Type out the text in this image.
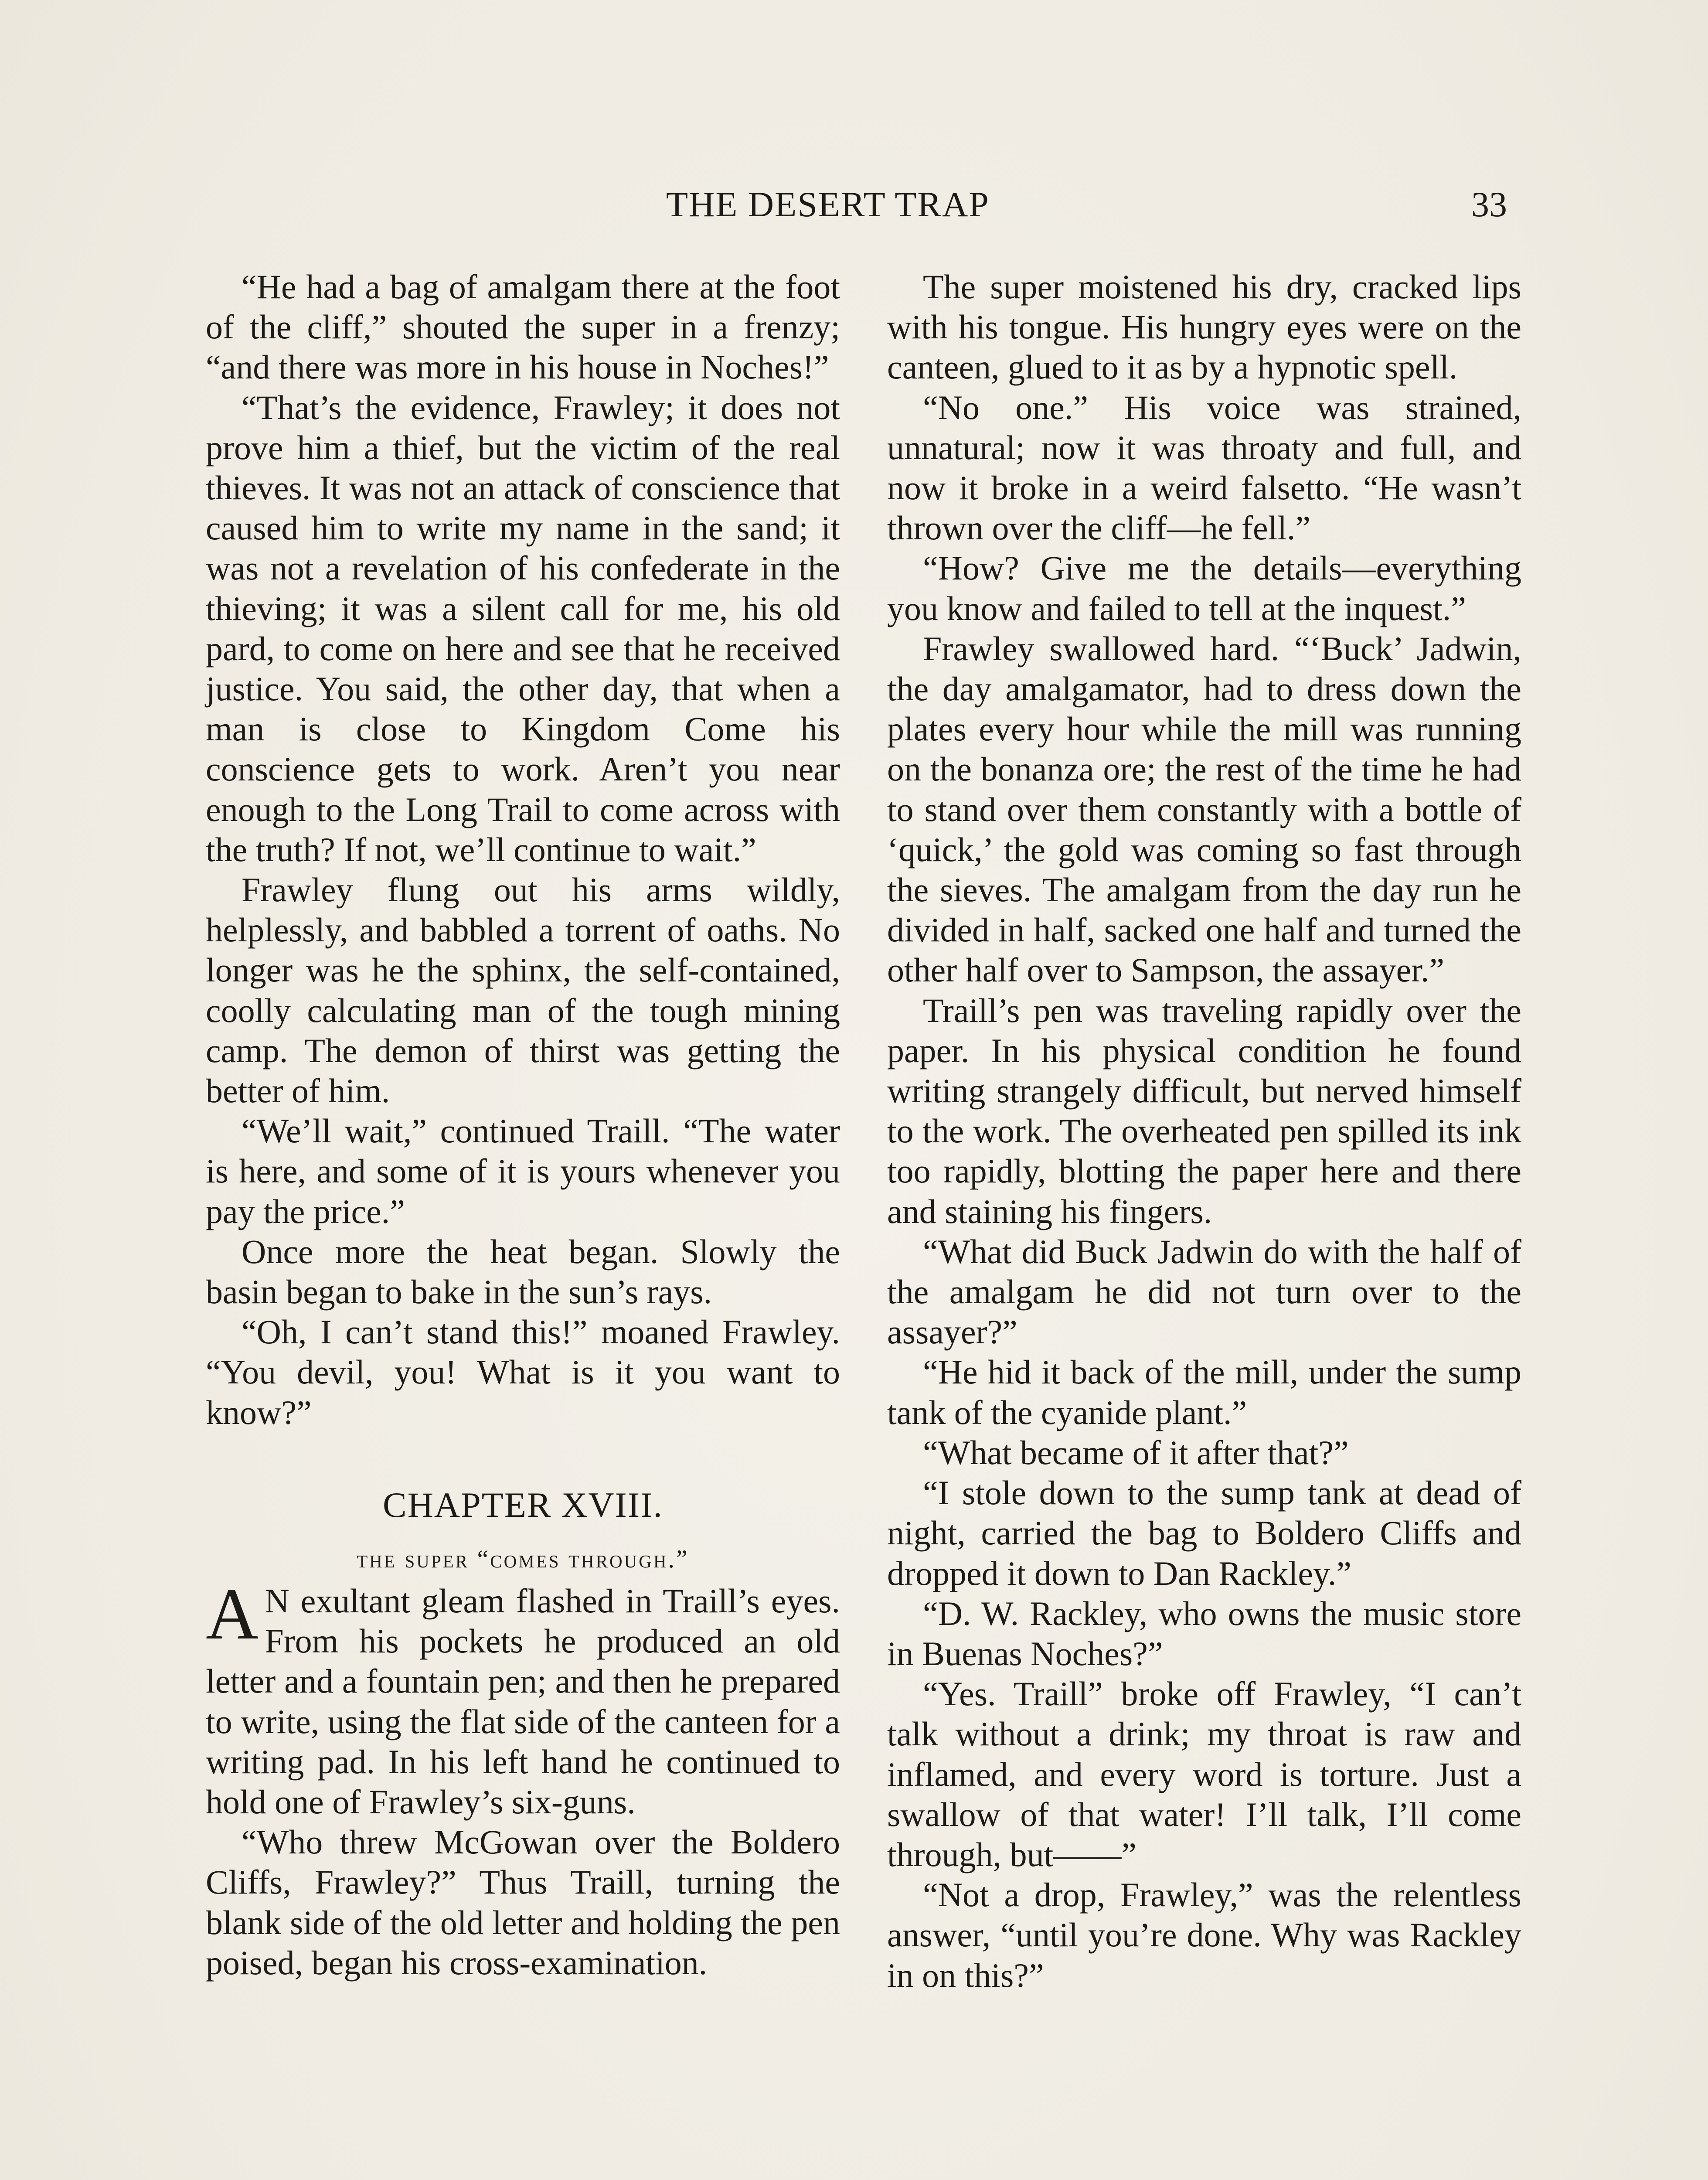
THE DESERT TRAP	33

“He had a bag of amalgam there at the foot of the cliff,” shouted the super in a frenzy; “and there was more in his house in Noches!”

“That’s the evidence, Frawley; it does not prove him a thief, but the victim of the real thieves. It was not an attack of conscience that caused him to write my name in the sand; it was not a revelation of his confederate in the thieving; it was a silent call for me, his old pard, to come on here and see that he received justice. You said, the other day, that when a man is close to Kingdom Come his conscience gets to work. Aren’t you near enough to the Long Trail to come across with the truth? If not, we’ll continue to wait.”

Frawley flung out his arms wildly, helplessly, and babbled a torrent of oaths. No longer was he the sphinx, the self-contained, coolly calculating man of the tough mining camp. The demon of thirst was getting the better of him.

“We’ll wait,” continued Traill. “The water is here, and some of it is yours whenever you pay the price.”

Once more the heat began. Slowly the basin began to bake in the sun’s rays.

“Oh, I can’t stand this!” moaned Frawley. “You devil, you! What is it you want to know?”

CHAPTER XVIII.
the super “comes through.”

A N exultant gleam flashed in Traill’s eyes. From his pockets he produced an old letter and a fountain pen; and then he prepared to write, using the flat side of the canteen for a writing pad. In his left hand he continued to hold one of Frawley’s six-guns.

“Who threw McGowan over the Boldero Cliffs, Frawley?” Thus Traill, turning the blank side of the old letter and holding the pen poised, began his cross-examination.

The super moistened his dry, cracked lips with his tongue. His hungry eyes were on the canteen, glued to it as by a hypnotic spell.

“No one.” His voice was strained, unnatural; now it was throaty and full, and now it broke in a weird falsetto. “He wasn’t thrown over the cliff—he fell.”

“How? Give me the details—everything you know and failed to tell at the inquest.”

Frawley swallowed hard. “‘Buck’ Jadwin, the day amalgamator, had to dress down the plates every hour while the mill was running on the bonanza ore; the rest of the time he had to stand over them constantly with a bottle of ‘quick,’ the gold was coming so fast through the sieves. The amalgam from the day run he divided in half, sacked one half and turned the other half over to Sampson, the assayer.”

Traill’s pen was traveling rapidly over the paper. In his physical condition he found writing strangely difficult, but nerved himself to the work. The overheated pen spilled its ink too rapidly, blotting the paper here and there and staining his fingers.

“What did Buck Jadwin do with the half of the amalgam he did not turn over to the assayer?”

“He hid it back of the mill, under the sump tank of the cyanide plant.”

“What became of it after that?”

“I stole down to the sump tank at dead of night, carried the bag to Boldero Cliffs and dropped it down to Dan Rackley.”

“D. W. Rackley, who owns the music store in Buenas Noches?”

“Yes. Traill” broke off Frawley, “I can’t talk without a drink; my throat is raw and inflamed, and every word is torture. Just a swallow of that water! I’ll talk, I’ll come through, but——”

“Not a drop, Frawley,” was the relentless answer, “until you’re done. Why was Rackley in on this?”
